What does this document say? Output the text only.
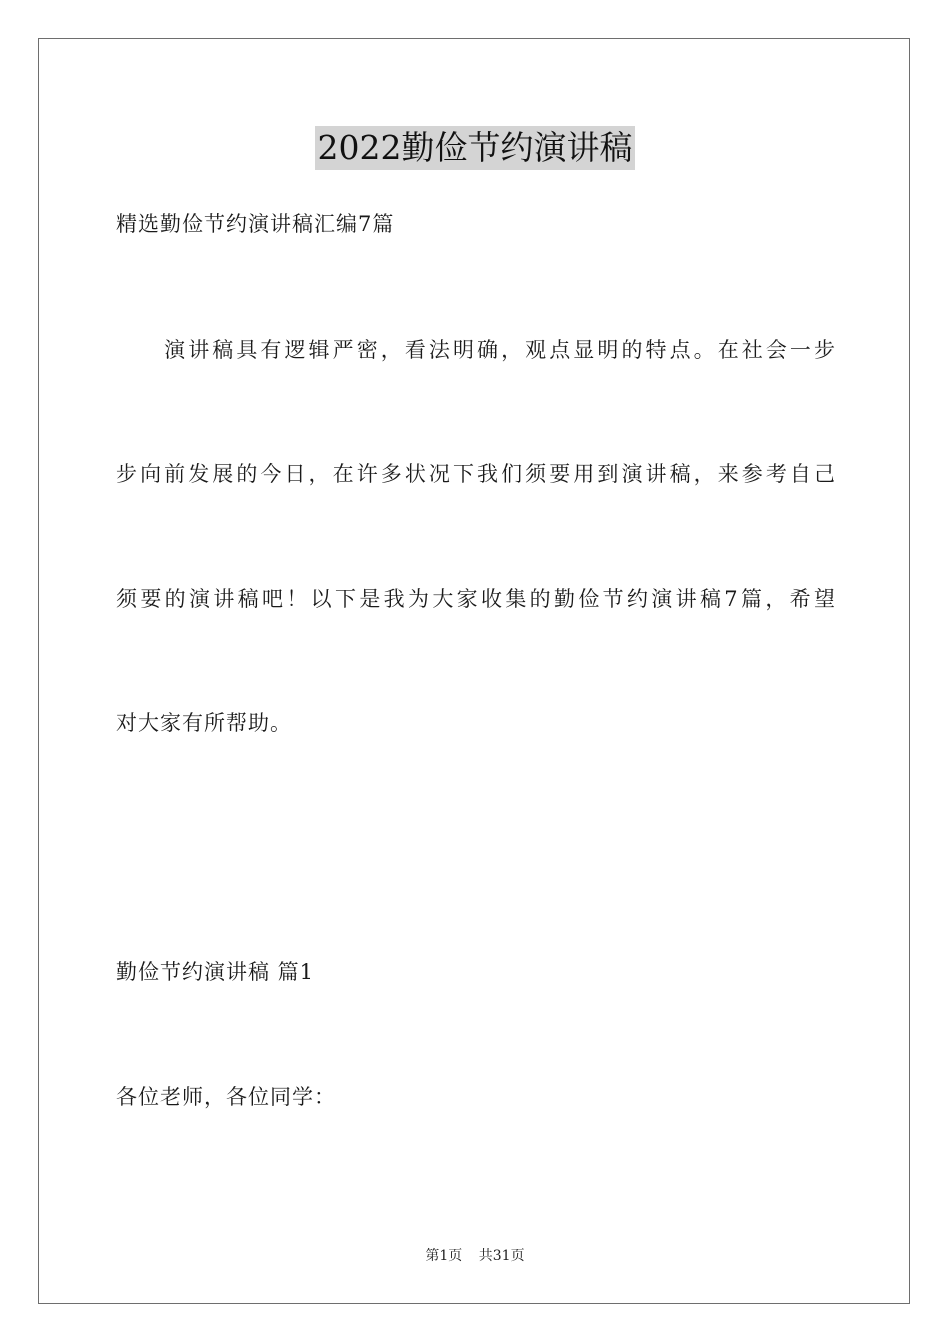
2022勤俭节约演讲稿
精选勤俭节约演讲稿汇编7篇
　　演讲稿具有逻辑严密，看法明确，观点显明的特点。在社会一步
步向前发展的今日，在许多状况下我们须要用到演讲稿，来参考自己
须要的演讲稿吧！以下是我为大家收集的勤俭节约演讲稿7篇，希望
对大家有所帮助。
勤俭节约演讲稿 篇1
各位老师，各位同学：
第1页 共31页
